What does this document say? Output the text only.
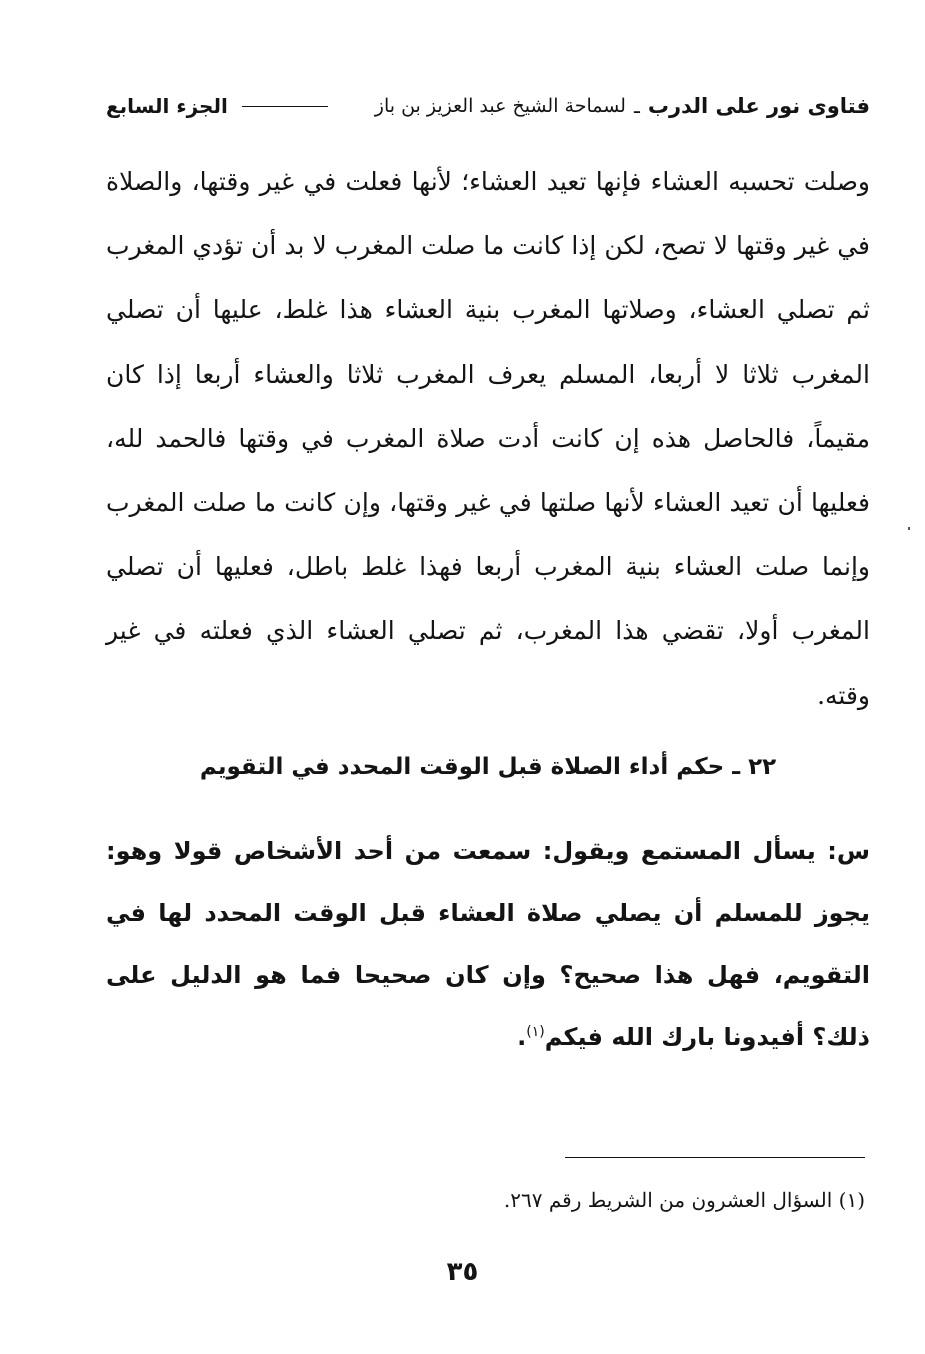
فتاوى نور على الدرب
ـ
لسماحة الشيخ عبد العزيز بن باز
الجزء السابع

وصلت تحسبه العشاء فإنها تعيد العشاء؛ لأنها فعلت في غير وقتها، والصلاة في غير وقتها لا تصح، لكن إذا كانت ما صلت المغرب لا بد أن تؤدي المغرب ثم تصلي العشاء، وصلاتها المغرب بنية العشاء هذا غلط، عليها أن تصلي المغرب ثلاثا لا أربعا، المسلم يعرف المغرب ثلاثا والعشاء أربعا إذا كان مقيماً، فالحاصل هذه إن كانت أدت صلاة المغرب في وقتها فالحمد لله، فعليها أن تعيد العشاء لأنها صلتها في غير وقتها، وإن كانت ما صلت المغرب وإنما صلت العشاء بنية المغرب أربعا فهذا غلط باطل، فعليها أن تصلي المغرب أولا، تقضي هذا المغرب، ثم تصلي العشاء الذي فعلته في غير وقته.

٢٢ ـ حكم أداء الصلاة قبل الوقت المحدد في التقويم

س: يسأل المستمع ويقول: سمعت من أحد الأشخاص قولا وهو: يجوز للمسلم أن يصلي صلاة العشاء قبل الوقت المحدد لها في التقويم، فهل هذا صحيح؟ وإن كان صحيحا فما هو الدليل على ذلك؟ أفيدونا بارك الله فيكم$^{(١)}$.

(١) السؤال العشرون من الشريط رقم ٢٦٧.
٣٥
